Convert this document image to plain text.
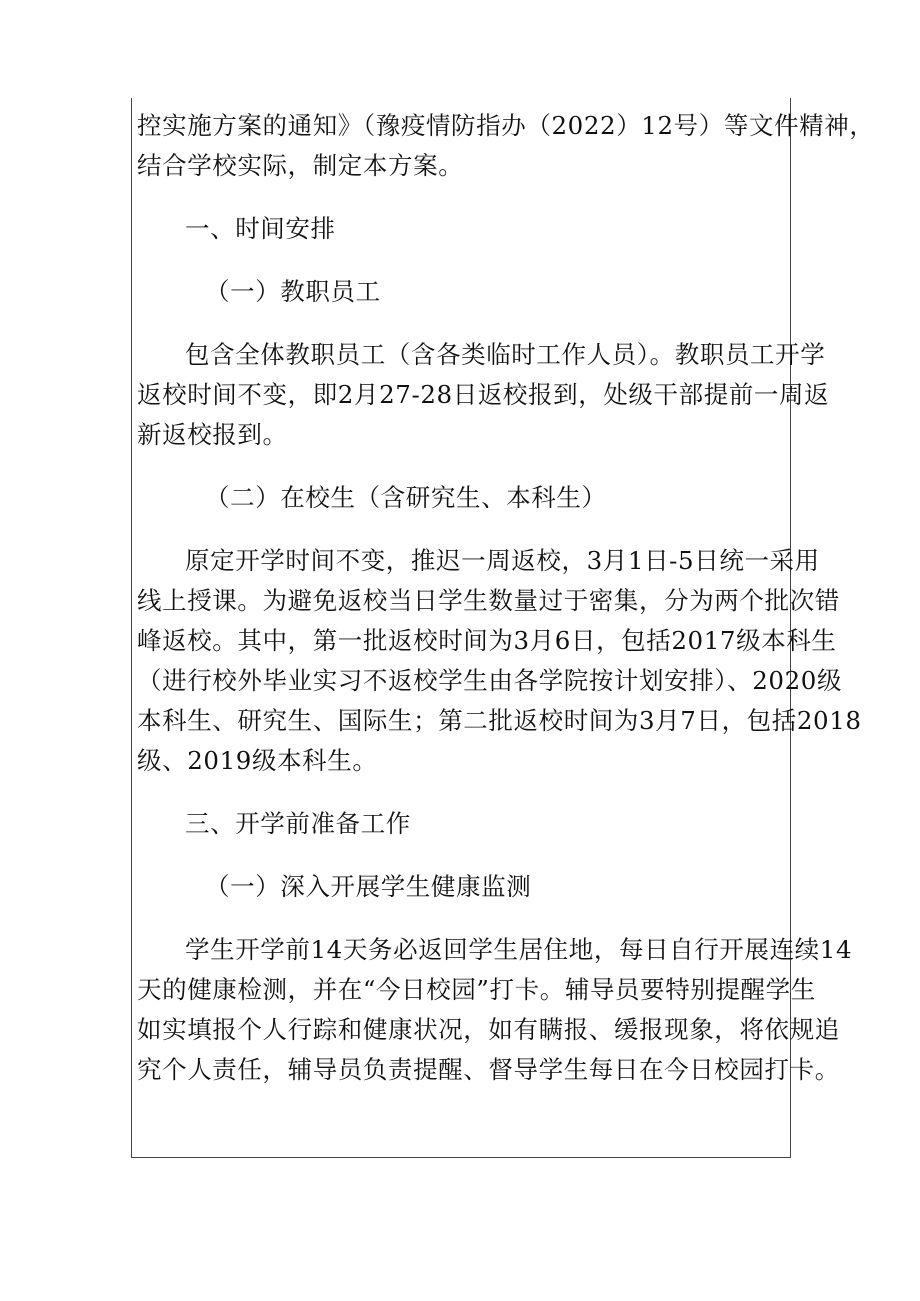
控实施方案的通知》（豫疫情防指办（2022）12号）等文件精神，
结合学校实际，制定本方案。
一、时间安排
（一）教职员工
包含全体教职员工（含各类临时工作人员）。教职员工开学
返校时间不变，即2月27-28日返校报到，处级干部提前一周返
新返校报到。
（二）在校生（含研究生、本科生）
原定开学时间不变，推迟一周返校，3月1日-5日统一采用
线上授课。为避免返校当日学生数量过于密集，分为两个批次错
峰返校。其中，第一批返校时间为3月6日，包括2017级本科生
（进行校外毕业实习不返校学生由各学院按计划安排）、2020级
本科生、研究生、国际生；第二批返校时间为3月7日，包括2018
级、2019级本科生。
三、开学前准备工作
（一）深入开展学生健康监测
学生开学前14天务必返回学生居住地，每日自行开展连续14
天的健康检测，并在“今日校园”打卡。辅导员要特别提醒学生
如实填报个人行踪和健康状况，如有瞒报、缓报现象，将依规追
究个人责任，辅导员负责提醒、督导学生每日在今日校园打卡。
